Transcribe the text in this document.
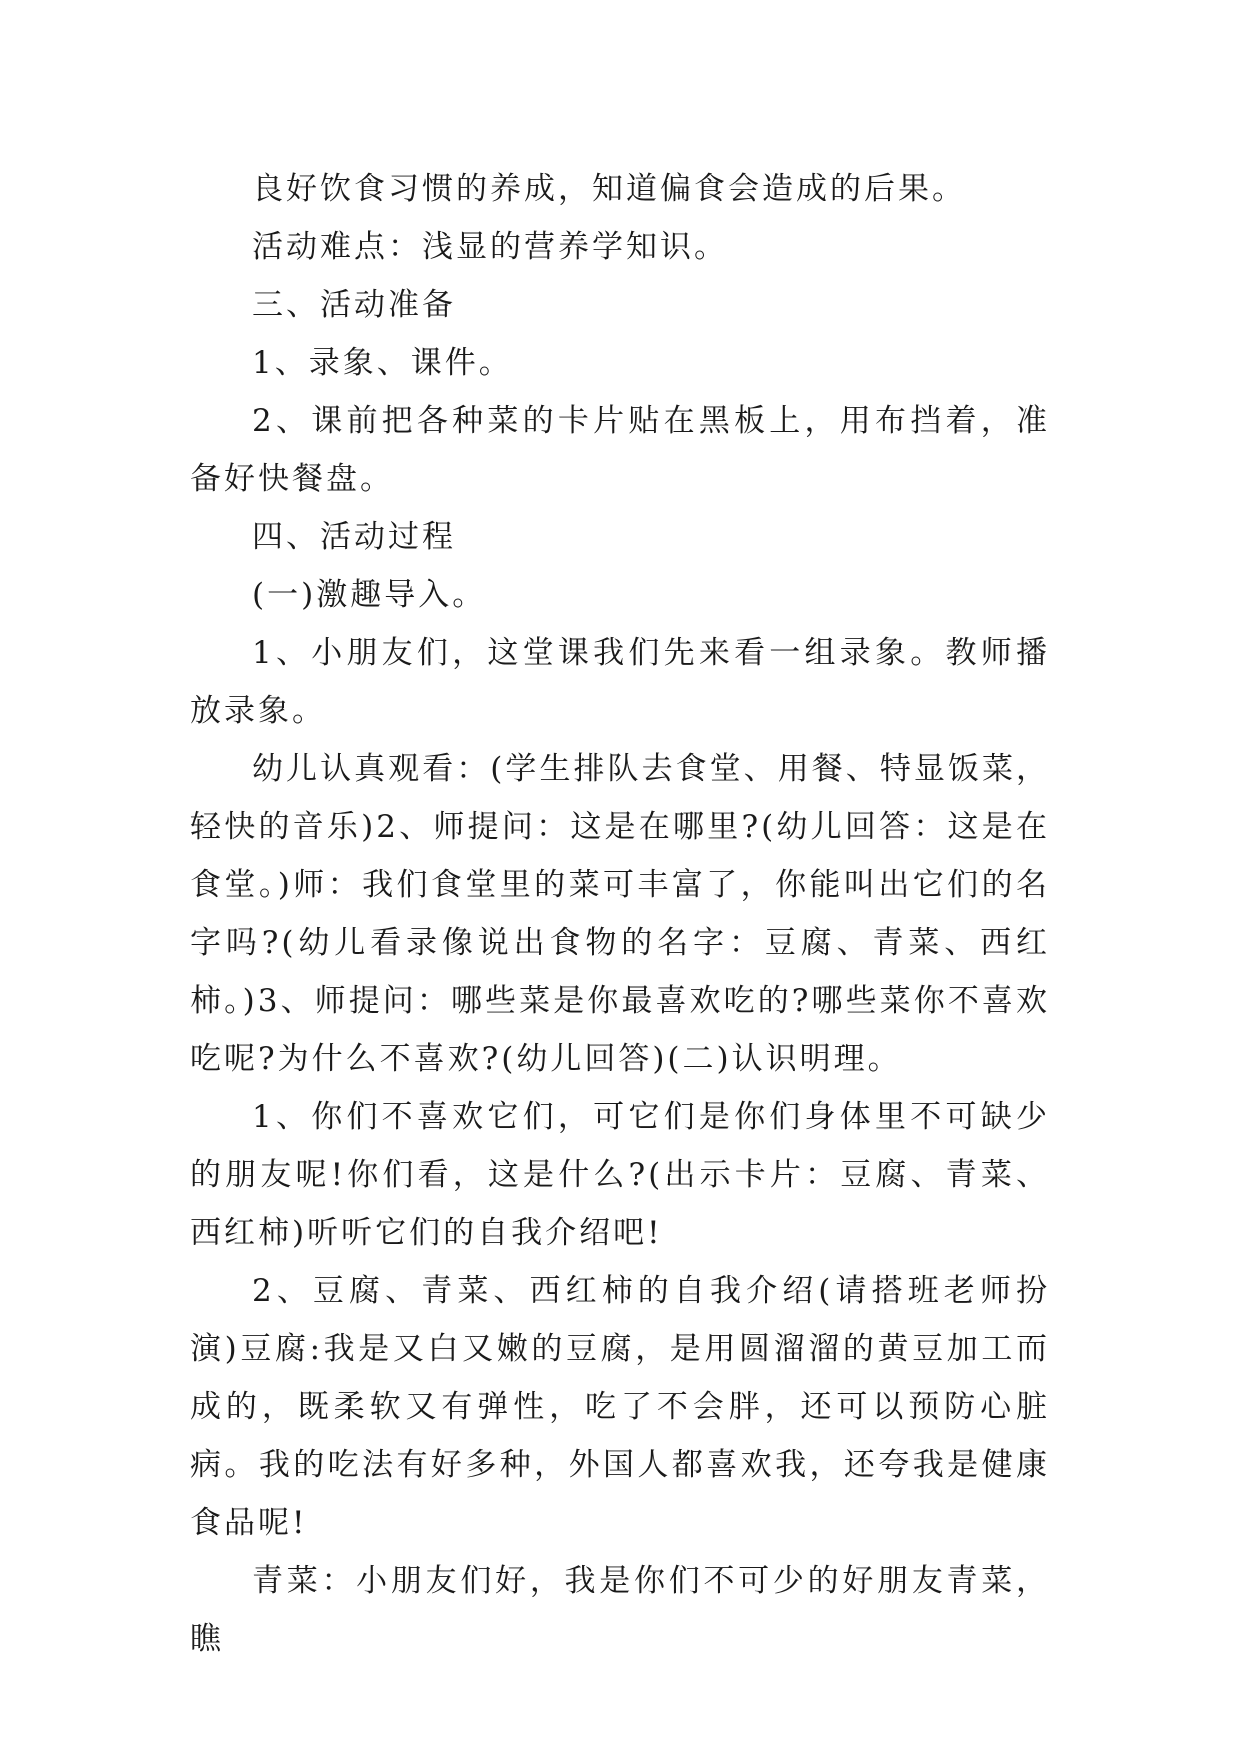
良好饮食习惯的养成，知道偏食会造成的后果。

活动难点：浅显的营养学知识。

三、活动准备

1、录象、课件。

2、课前把各种菜的卡片贴在黑板上，用布挡着，准备好快餐盘。

四、活动过程

(一)激趣导入。

1、小朋友们，这堂课我们先来看一组录象。教师播放录象。

幼儿认真观看：(学生排队去食堂、用餐、特显饭菜，轻快的音乐)2、师提问：这是在哪里?(幼儿回答：这是在食堂。)师：我们食堂里的菜可丰富了，你能叫出它们的名字吗?(幼儿看录像说出食物的名字：豆腐、青菜、西红柿。)3、师提问：哪些菜是你最喜欢吃的?哪些菜你不喜欢吃呢?为什么不喜欢?(幼儿回答)(二)认识明理。

1、你们不喜欢它们，可它们是你们身体里不可缺少的朋友呢!你们看，这是什么?(出示卡片：豆腐、青菜、西红柿)听听它们的自我介绍吧!

2、豆腐、青菜、西红柿的自我介绍(请搭班老师扮演)豆腐:我是又白又嫩的豆腐，是用圆溜溜的黄豆加工而成的，既柔软又有弹性，吃了不会胖，还可以预防心脏病。我的吃法有好多种，外国人都喜欢我，还夸我是健康食品呢!

青菜：小朋友们好，我是你们不可少的好朋友青菜，瞧
